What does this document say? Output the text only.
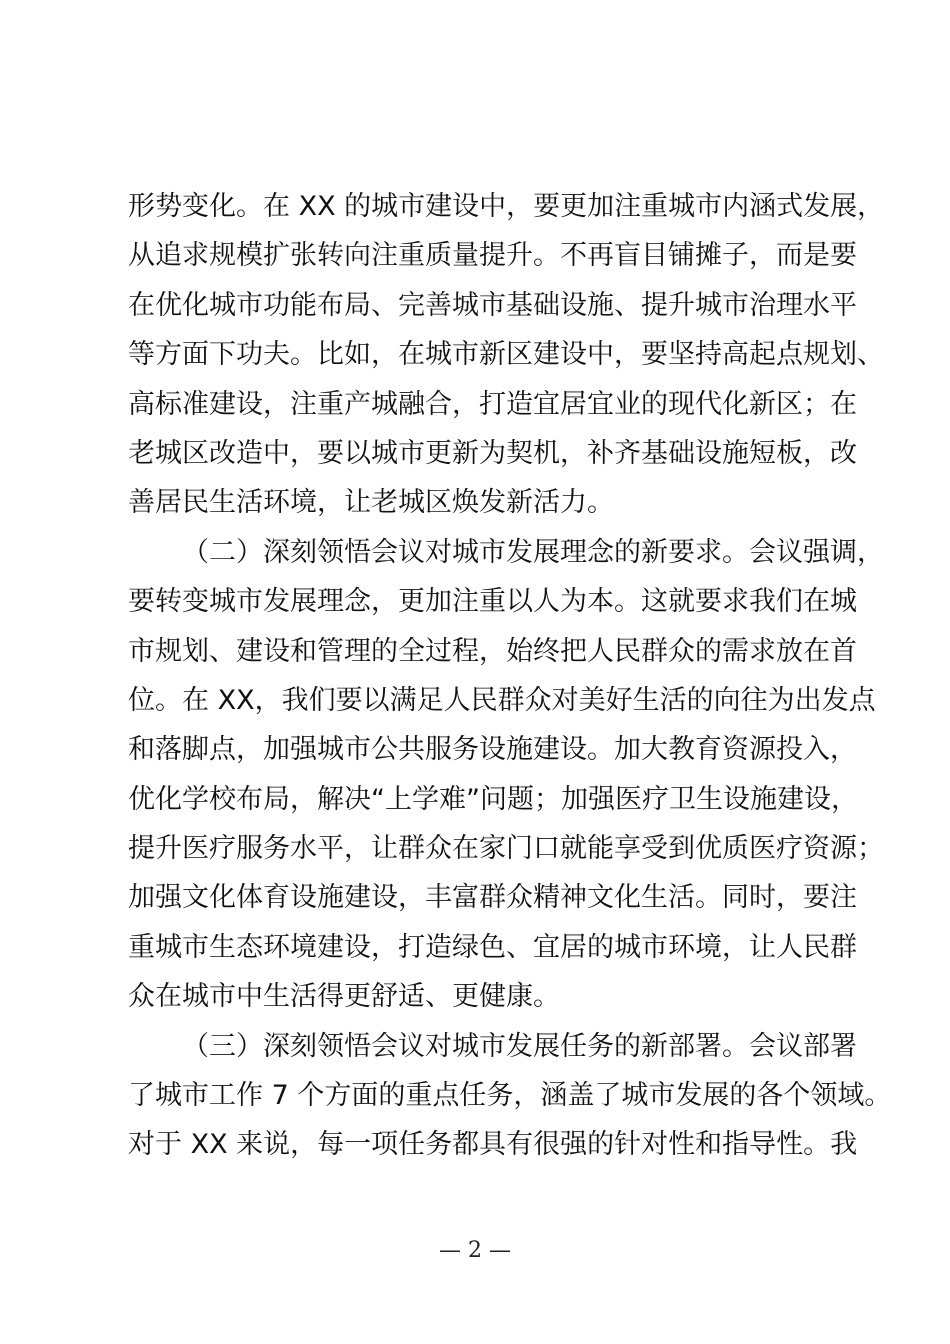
形势变化。在 XX 的城市建设中，要更加注重城市内涵式发展，
从追求规模扩张转向注重质量提升。不再盲目铺摊子，而是要
在优化城市功能布局、完善城市基础设施、提升城市治理水平
等方面下功夫。比如，在城市新区建设中，要坚持高起点规划、
高标准建设，注重产城融合，打造宜居宜业的现代化新区；在
老城区改造中，要以城市更新为契机，补齐基础设施短板，改
善居民生活环境，让老城区焕发新活力。
（二）深刻领悟会议对城市发展理念的新要求。会议强调，
要转变城市发展理念，更加注重以人为本。这就要求我们在城
市规划、建设和管理的全过程，始终把人民群众的需求放在首
位。在 XX，我们要以满足人民群众对美好生活的向往为出发点
和落脚点，加强城市公共服务设施建设。加大教育资源投入，
优化学校布局，解决“上学难”问题；加强医疗卫生设施建设，
提升医疗服务水平，让群众在家门口就能享受到优质医疗资源；
加强文化体育设施建设，丰富群众精神文化生活。同时，要注
重城市生态环境建设，打造绿色、宜居的城市环境，让人民群
众在城市中生活得更舒适、更健康。
（三）深刻领悟会议对城市发展任务的新部署。会议部署
了城市工作 7 个方面的重点任务，涵盖了城市发展的各个领域。
对于 XX 来说，每一项任务都具有很强的针对性和指导性。我
— 2 —
